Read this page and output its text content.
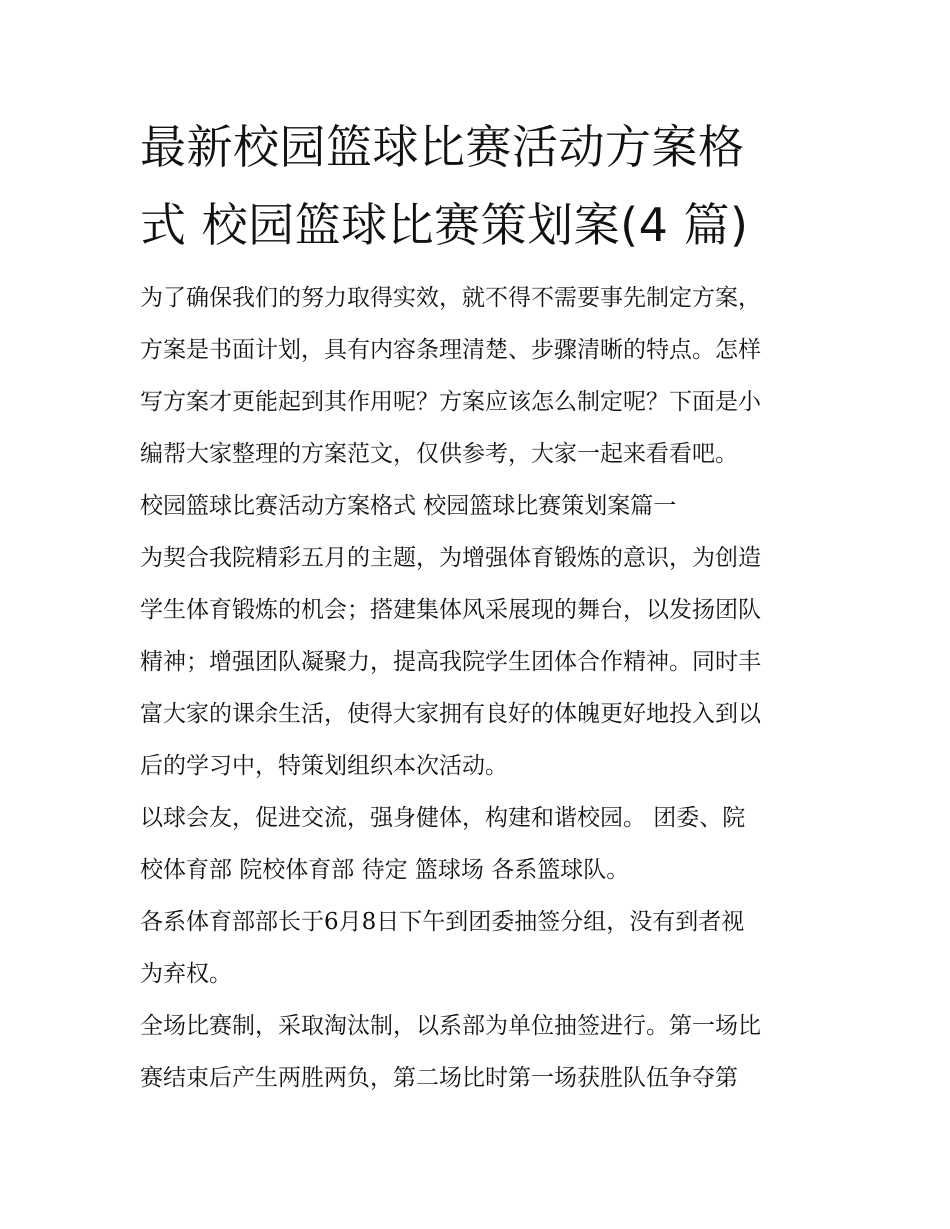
最新校园篮球比赛活动方案格
式 校园篮球比赛策划案(4 篇)
为了确保我们的努力取得实效，就不得不需要事先制定方案，
方案是书面计划，具有内容条理清楚、步骤清晰的特点。怎样
写方案才更能起到其作用呢？方案应该怎么制定呢？下面是小
编帮大家整理的方案范文，仅供参考，大家一起来看看吧。
校园篮球比赛活动方案格式 校园篮球比赛策划案篇一
为契合我院精彩五月的主题，为增强体育锻炼的意识，为创造
学生体育锻炼的机会；搭建集体风采展现的舞台，以发扬团队
精神；增强团队凝聚力，提高我院学生团体合作精神。同时丰
富大家的课余生活，使得大家拥有良好的体魄更好地投入到以
后的学习中，特策划组织本次活动。
以球会友，促进交流，强身健体，构建和谐校园。 团委、院
校体育部 院校体育部 待定 篮球场 各系篮球队。
各系体育部部长于6月8日下午到团委抽签分组，没有到者视
为弃权。
全场比赛制，采取淘汰制，以系部为单位抽签进行。第一场比
赛结束后产生两胜两负，第二场比时第一场获胜队伍争夺第
